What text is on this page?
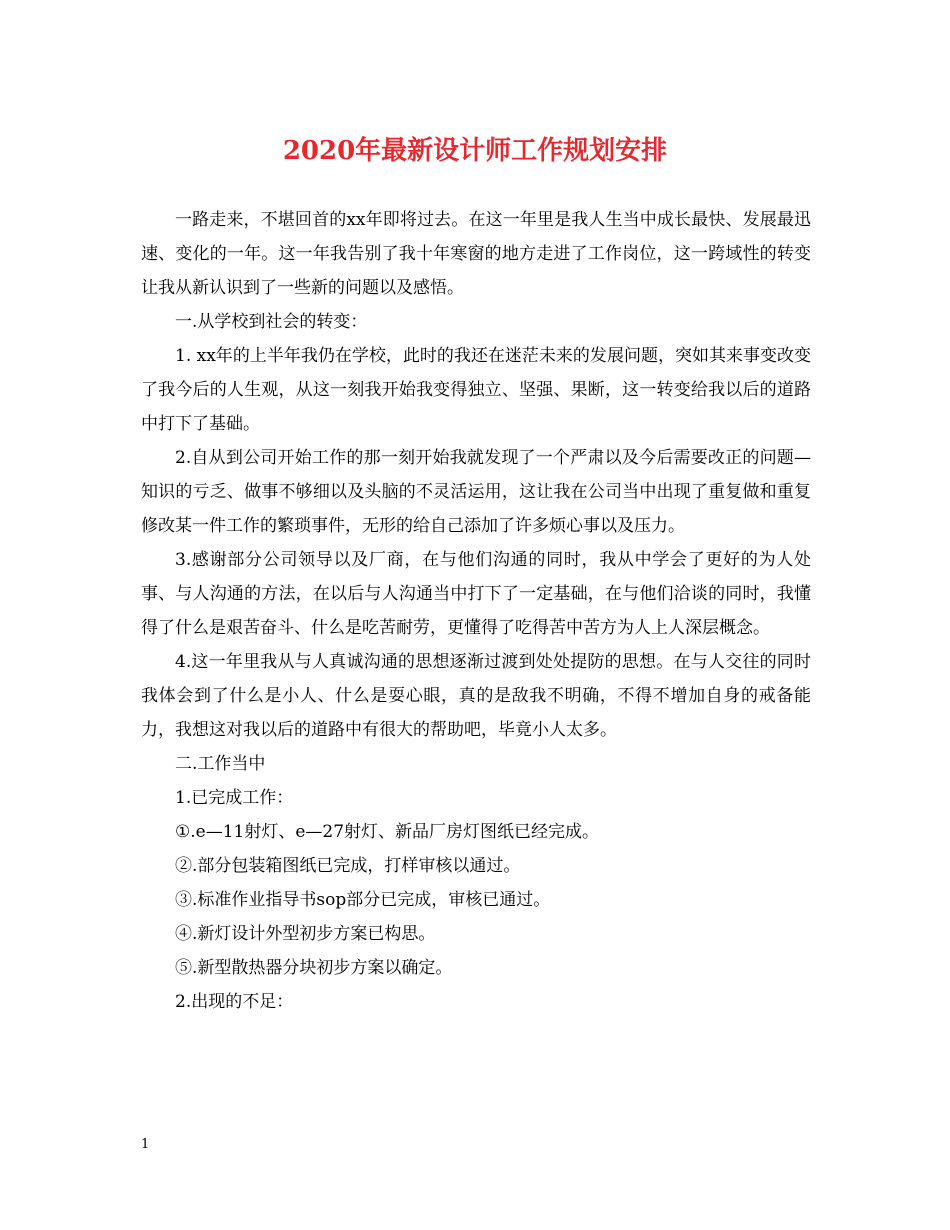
2020年最新设计师工作规划安排

一路走来，不堪回首的xx年即将过去。在这一年里是我人生当中成长最快、发展最迅速、变化的一年。这一年我告别了我十年寒窗的地方走进了工作岗位，这一跨域性的转变让我从新认识到了一些新的问题以及感悟。

一.从学校到社会的转变：

1. xx年的上半年我仍在学校，此时的我还在迷茫未来的发展问题，突如其来事变改变了我今后的人生观，从这一刻我开始我变得独立、坚强、果断，这一转变给我以后的道路中打下了基础。

2.自从到公司开始工作的那一刻开始我就发现了一个严肃以及今后需要改正的问题—知识的亏乏、做事不够细以及头脑的不灵活运用，这让我在公司当中出现了重复做和重复修改某一件工作的繁琐事件，无形的给自己添加了许多烦心事以及压力。

3.感谢部分公司领导以及厂商，在与他们沟通的同时，我从中学会了更好的为人处事、与人沟通的方法，在以后与人沟通当中打下了一定基础，在与他们洽谈的同时，我懂得了什么是艰苦奋斗、什么是吃苦耐劳，更懂得了吃得苦中苦方为人上人深层概念。

4.这一年里我从与人真诚沟通的思想逐渐过渡到处处提防的思想。在与人交往的同时我体会到了什么是小人、什么是耍心眼，真的是敌我不明确，不得不增加自身的戒备能力，我想这对我以后的道路中有很大的帮助吧，毕竟小人太多。

二.工作当中

1.已完成工作：

①.e—11射灯、e—27射灯、新品厂房灯图纸已经完成。

②.部分包装箱图纸已完成，打样审核以通过。

③.标准作业指导书sop部分已完成，审核已通过。

④.新灯设计外型初步方案已构思。

⑤.新型散热器分块初步方案以确定。

2.出现的不足：

1
